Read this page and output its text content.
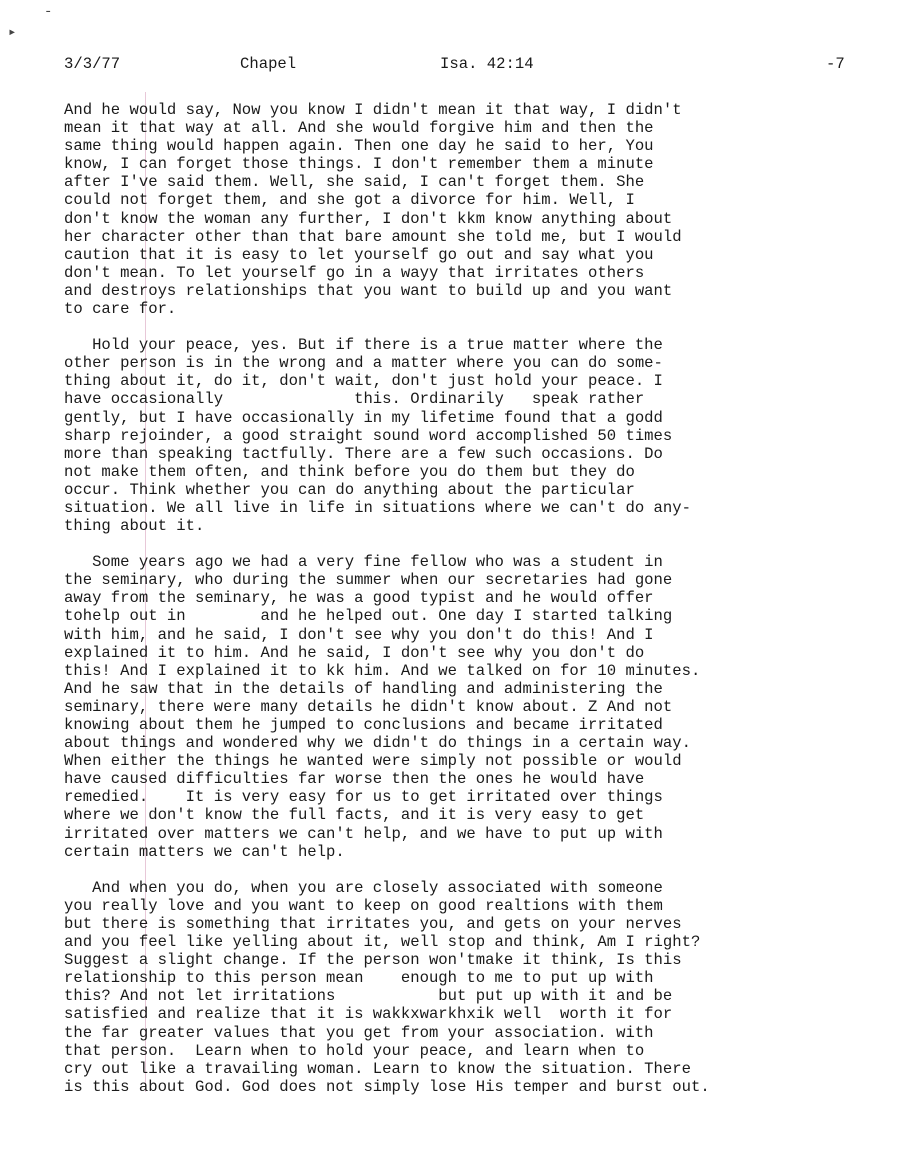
-
▸
3/3/77	Chapel	Isa. 42:14	-7
And he would say, Now you know I didn't mean it that way, I didn't
mean it that way at all. And she would forgive him and then the
same thing would happen again. Then one day he said to her, You
know, I can forget those things. I don't remember them a minute
after I've said them. Well, she said, I can't forget them. She
could not forget them, and she got a divorce for him. Well, I
don't know the woman any further, I don't kkm know anything about
her character other than that bare amount she told me, but I would
caution that it is easy to let yourself go out and say what you
don't mean. To let yourself go in a wayy that irritates others
and destroys relationships that you want to build up and you want
to care for.
Hold your peace, yes. But if there is a true matter where the
other person is in the wrong and a matter where you can do some-
thing about it, do it, don't wait, don't just hold your peace. I
have occasionally              this. Ordinarily   speak rather
gently, but I have occasionally in my lifetime found that a godd
sharp rejoinder, a good straight sound word accomplished 50 times
more than speaking tactfully. There are a few such occasions. Do
not make them often, and think before you do them but they do
occur. Think whether you can do anything about the particular
situation. We all live in life in situations where we can't do any-
thing about it.
Some years ago we had a very fine fellow who was a student in
the seminary, who during the summer when our secretaries had gone
away from the seminary, he was a good typist and he would offer
tohelp out in        and he helped out. One day I started talking
with him, and he said, I don't see why you don't do this! And I
explained it to him. And he said, I don't see why you don't do
this! And I explained it to kk him. And we talked on for 10 minutes.
And he saw that in the details of handling and administering the
seminary, there were many details he didn't know about. Z And not
knowing about them he jumped to conclusions and became irritated
about things and wondered why we didn't do things in a certain way.
When either the things he wanted were simply not possible or would
have caused difficulties far worse then the ones he would have
remedied.    It is very easy for us to get irritated over things
where we don't know the full facts, and it is very easy to get
irritated over matters we can't help, and we have to put up with
certain matters we can't help.
And when you do, when you are closely associated with someone
you really love and you want to keep on good realtions with them
but there is something that irritates you, and gets on your nerves
and you feel like yelling about it, well stop and think, Am I right?
Suggest a slight change. If the person won'tmake it think, Is this
relationship to this person mean    enough to me to put up with
this? And not let irritations           but put up with it and be
satisfied and realize that it is wakkxwarkhxik well  worth it for
the far greater values that you get from your association. with
that person.  Learn when to hold your peace, and learn when to
cry out like a travailing woman. Learn to know the situation. There
is this about God. God does not simply lose His temper and burst out.
